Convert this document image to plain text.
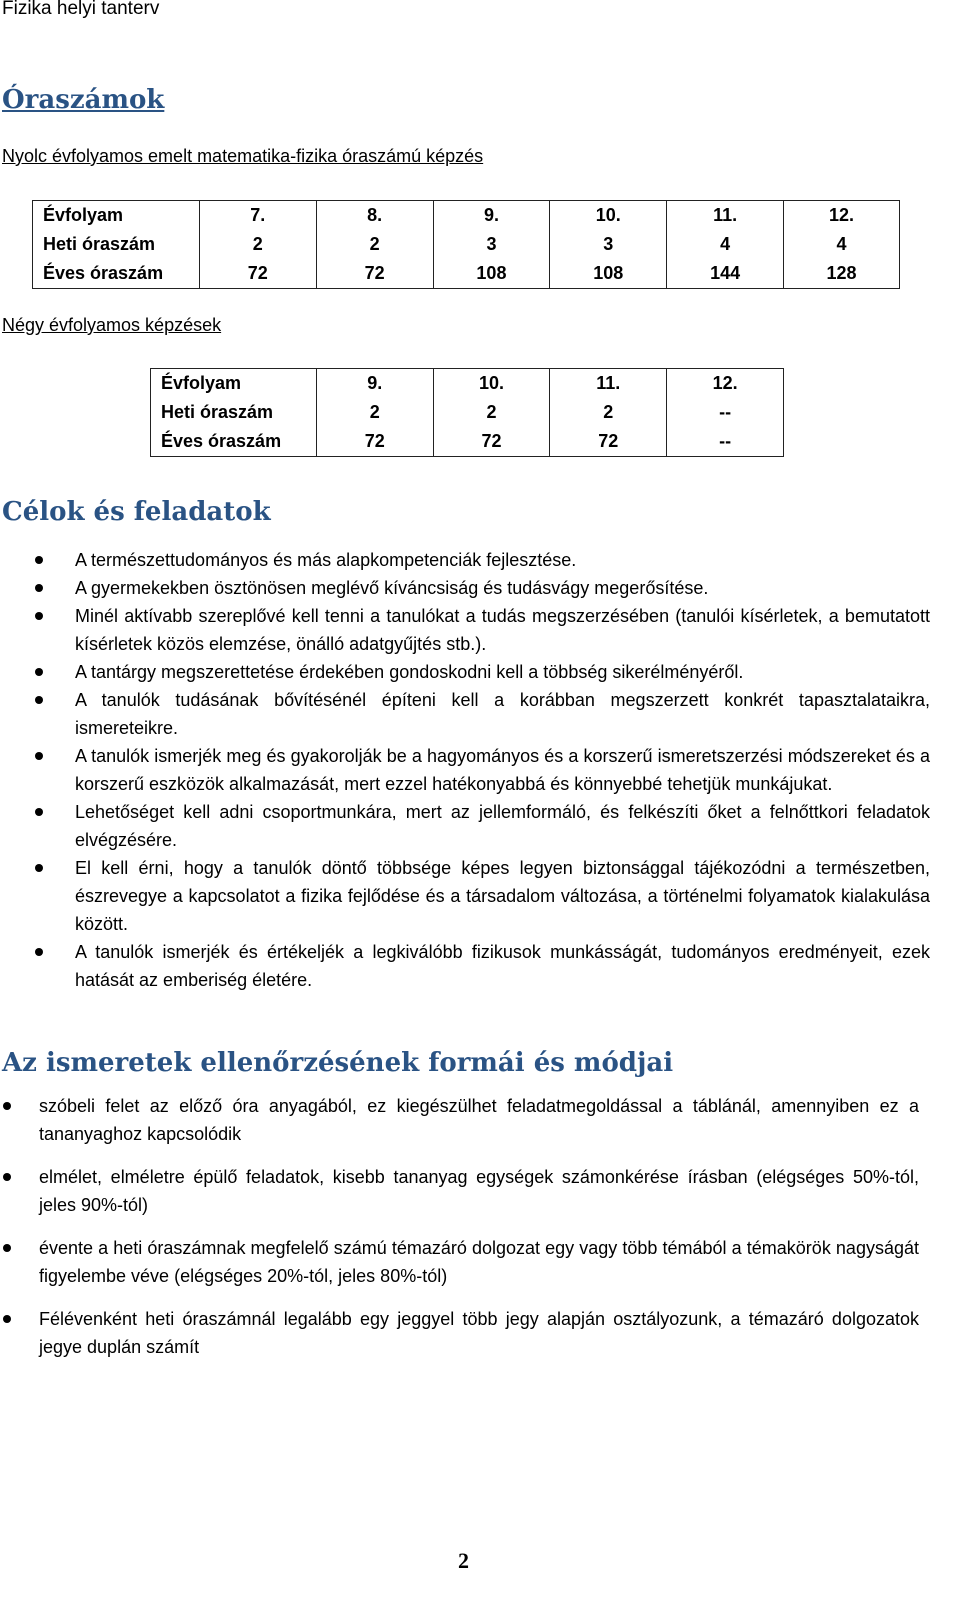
Fizika helyi tanterv
Óraszámok
Nyolc évfolyamos emelt matematika-fizika óraszámú képzés
Évfolyam	7.	8.	9.	10.	11.	12.
Heti óraszám	2	2	3	3	4	4
Éves óraszám	72	72	108	108	144	128
Négy évfolyamos képzések
Évfolyam	9.	10.	11.	12.
Heti óraszám	2	2	2	--
Éves óraszám	72	72	72	--
Célok és feladatok
A természettudományos és más alapkompetenciák fejlesztése.
A gyermekekben ösztönösen meglévő kíváncsiság és tudásvágy megerősítése.
Minél aktívabb szereplővé kell tenni a tanulókat a tudás megszerzésében (tanulói kísérletek, a bemutatott kísérletek közös elemzése, önálló adatgyűjtés stb.).
A tantárgy megszerettetése érdekében gondoskodni kell a többség sikerélményéről.
A tanulók tudásának bővítésénél építeni kell a korábban megszerzett konkrét tapasztalataikra, ismereteikre.
A tanulók ismerjék meg és gyakorolják be a hagyományos és a korszerű ismeretszerzési módszereket és a korszerű eszközök alkalmazását, mert ezzel hatékonyabbá és könnyebbé tehetjük munkájukat.
Lehetőséget kell adni csoportmunkára, mert az jellemformáló, és felkészíti őket a felnőttkori feladatok elvégzésére.
El kell érni, hogy a tanulók döntő többsége képes legyen biztonsággal tájékozódni a természetben, észrevegye a kapcsolatot a fizika fejlődése és a társadalom változása, a történelmi folyamatok kialakulása között.
A tanulók ismerjék és értékeljék a legkiválóbb fizikusok munkásságát, tudományos eredményeit, ezek hatását az emberiség életére.
Az ismeretek ellenőrzésének formái és módjai
szóbeli felet az előző óra anyagából, ez kiegészülhet feladatmegoldással a táblánál, amennyiben ez a tananyaghoz kapcsolódik
elmélet, elméletre épülő feladatok, kisebb tananyag egységek számonkérése írásban (elégséges 50%-tól, jeles 90%-tól)
évente a heti óraszámnak megfelelő számú témazáró dolgozat egy vagy több témából a témakörök nagyságát figyelembe véve (elégséges 20%-tól, jeles 80%-tól)
Félévenként heti óraszámnál legalább egy jeggyel több jegy alapján osztályozunk, a témazáró dolgozatok jegye duplán számít
2
